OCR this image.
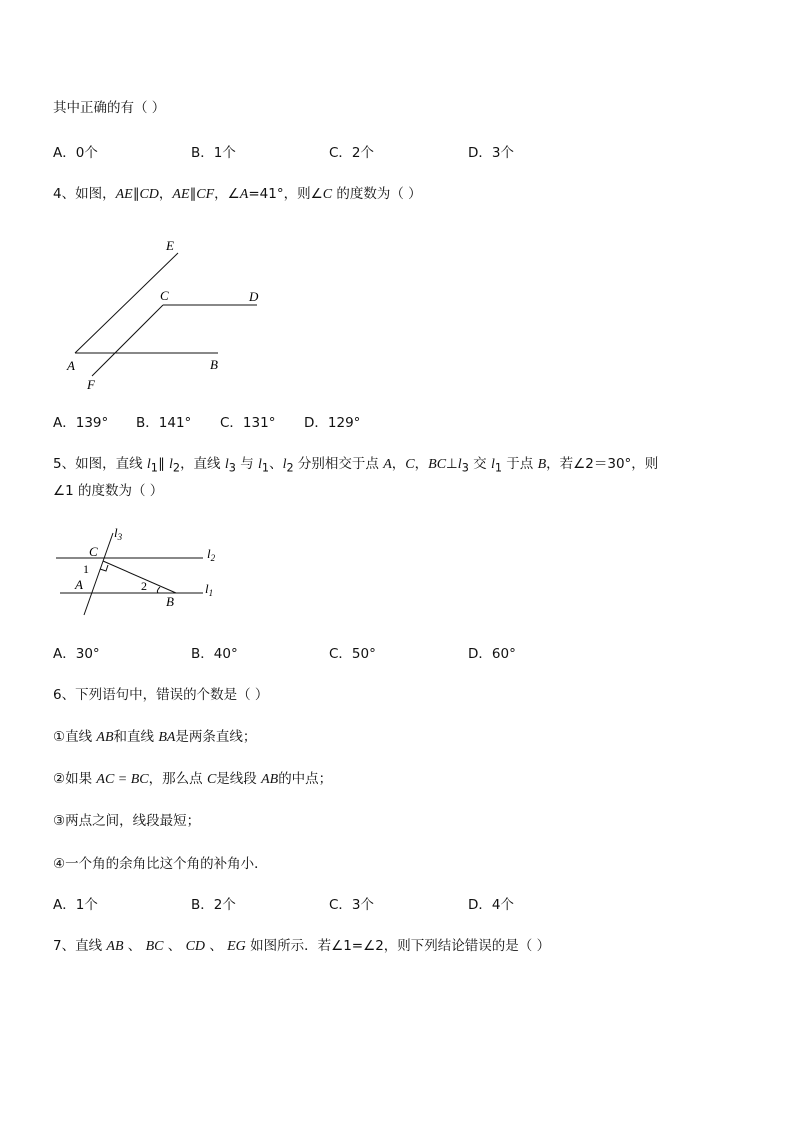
其中正确的有（ ）
A．0个	B．1个	C．2个	D．3个
4、如图，AE∥CD，AE∥CF，∠A=41°，则∠C 的度数为（ ）
E
C	D
A	B
F
A．139° B．141° C．131° D．129°
5、如图，直线 $l_1\parallel$ $l_2$，直线 $l_3$ 与 $l_1$、$l_2$ 分别相交于点 A，C，$BC\perp l_3$ 交 $l_1$ 于点 B，若∠2＝30°，则
∠1 的度数为（ ）
$l_3$
C	$l_2$
1
A	2
B
$l_1$
A．30°	B．40°	C．50°	D．60°
6、下列语句中，错误的个数是（ ）
①直线 AB和直线 BA是两条直线；
②如果 AC = BC，那么点 C是线段 AB的中点；
③两点之间，线段最短；
④一个角的余角比这个角的补角小．
A．1个	B．2个	C．3个	D．4个
7、直线 AB 、 BC 、 CD 、 EG 如图所示．若∠1=∠2，则下列结论错误的是（ ）
